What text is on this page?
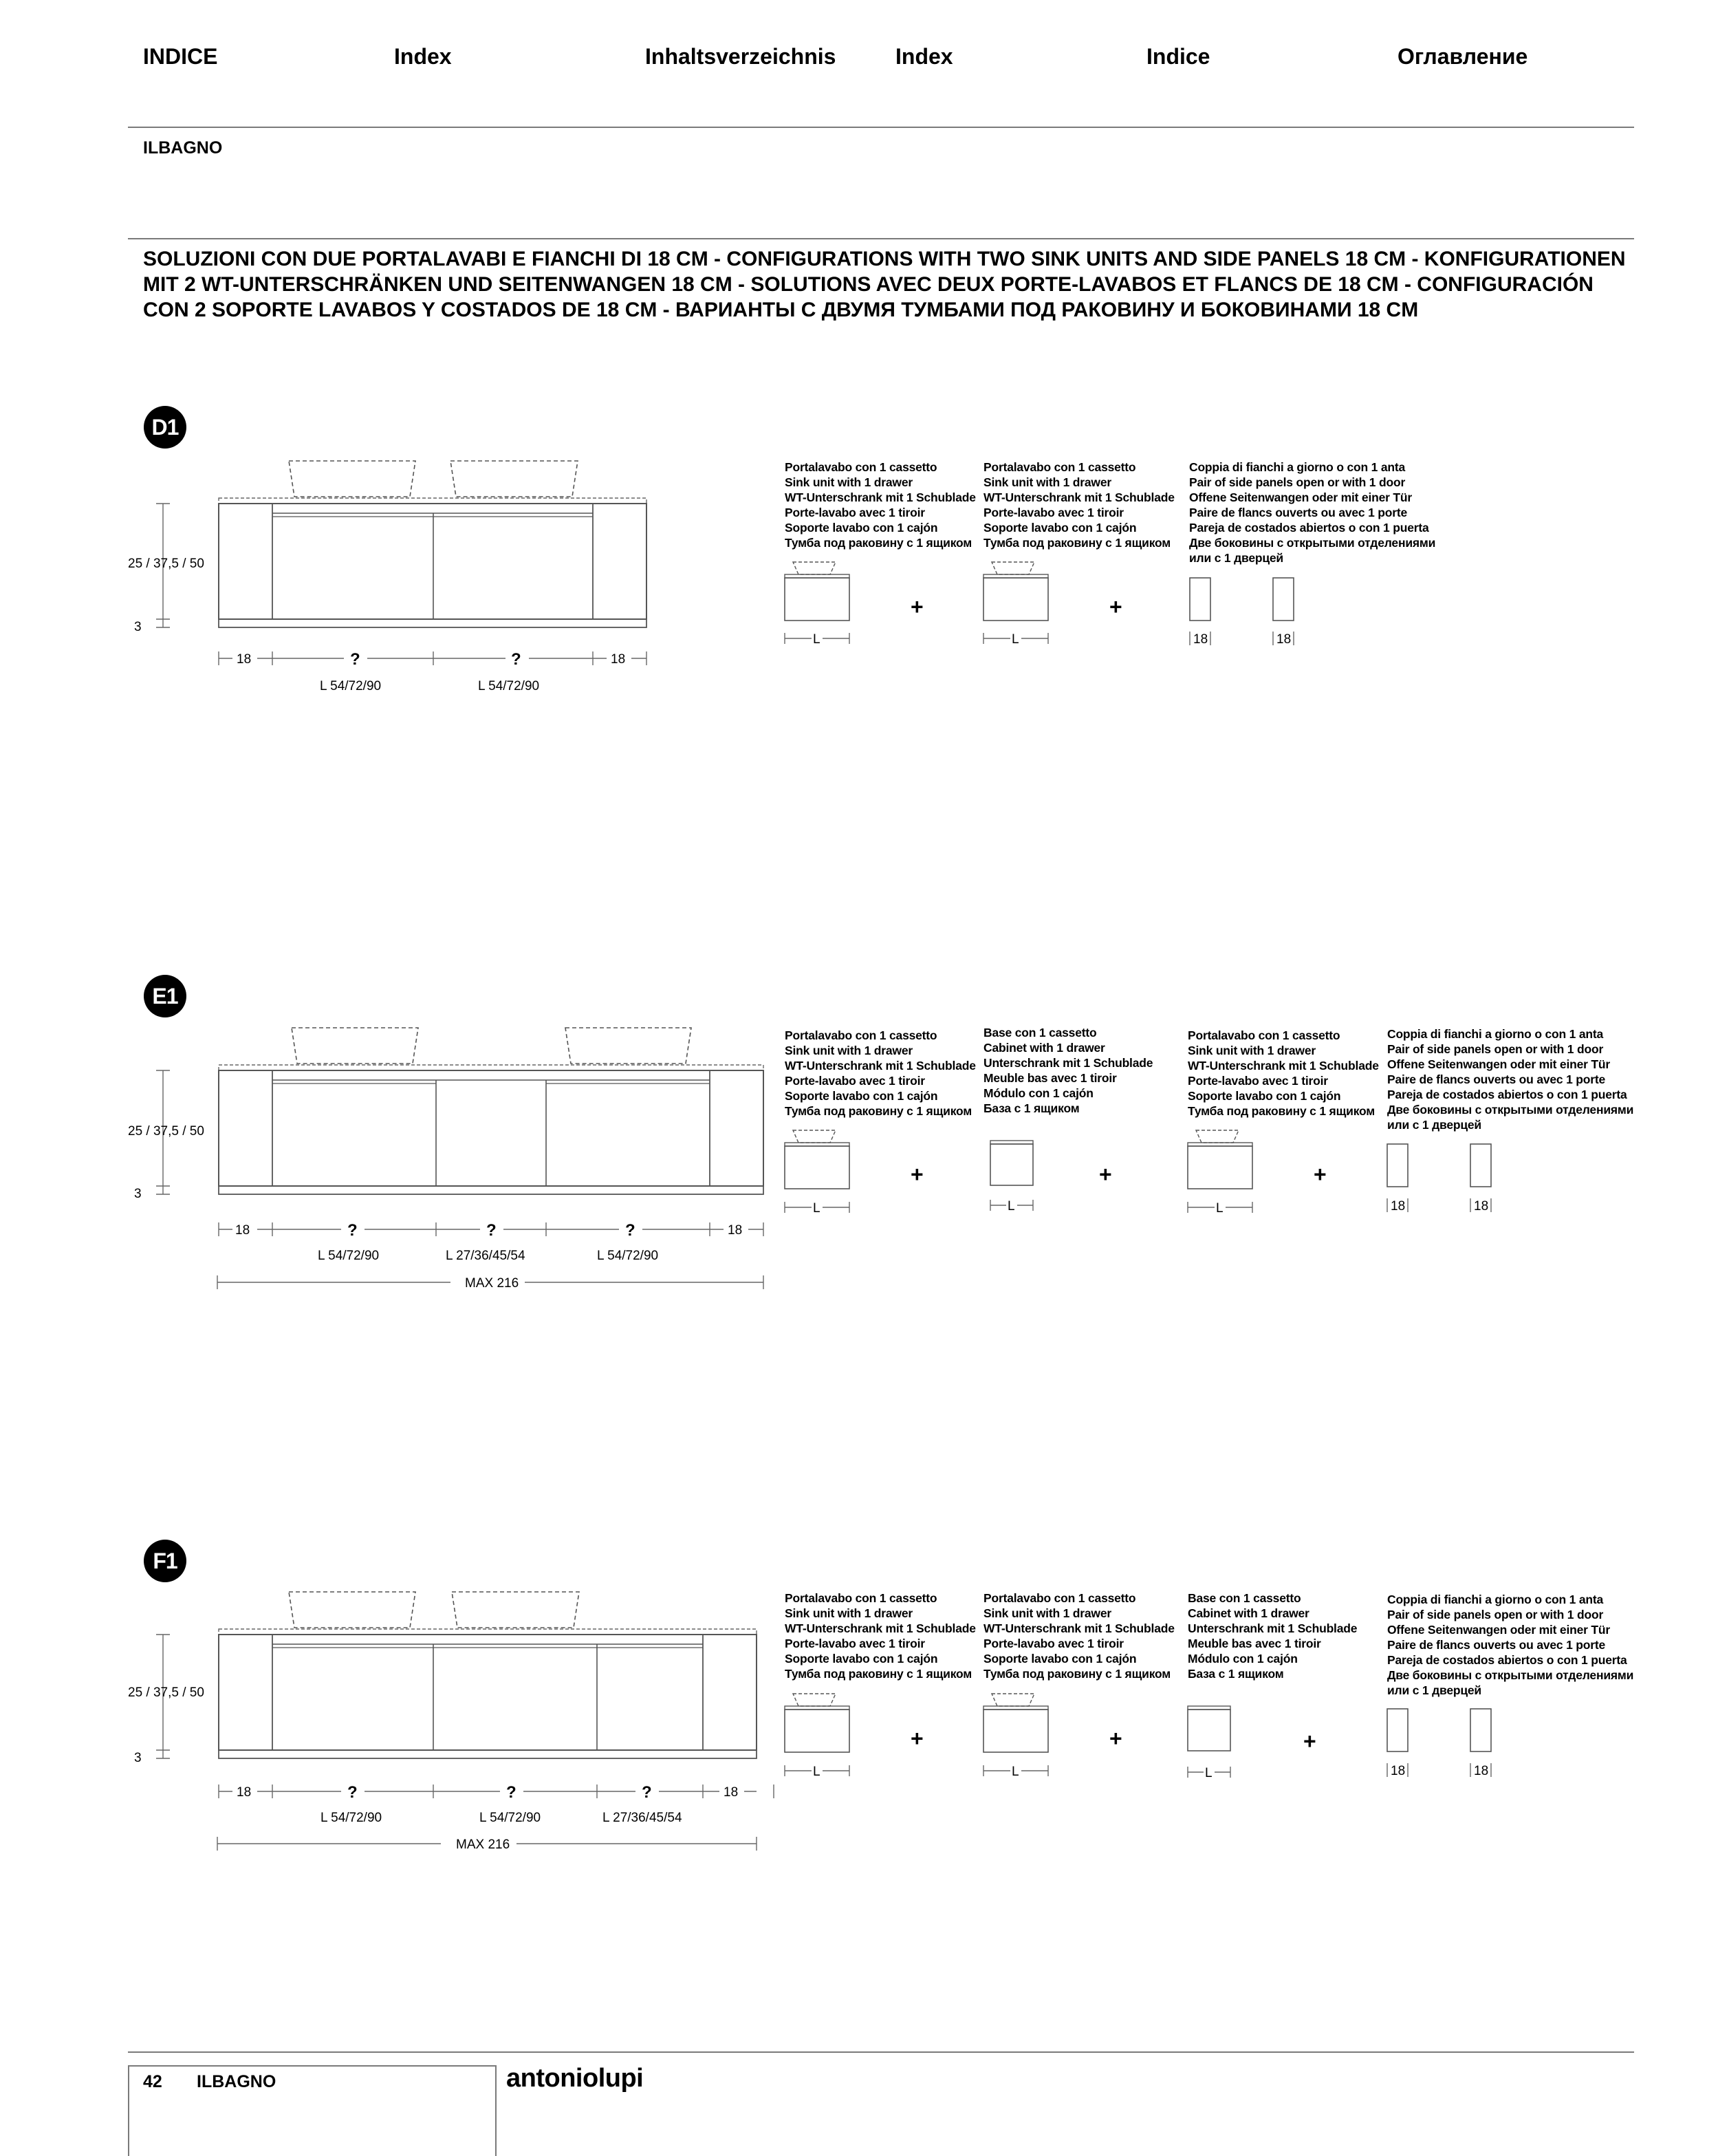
INDICE	Index	Inhaltsverzeichnis	Index	Indice	Оглавление
ILBAGNO
SOLUZIONI CON DUE PORTALAVABI E FIANCHI DI 18 CM - CONFIGURATIONS WITH TWO SINK UNITS AND SIDE PANELS 18 CM - KONFIGURATIONEN
MIT 2 WT-UNTERSCHRÄNKEN UND SEITENWANGEN 18 CM - SOLUTIONS AVEC DEUX PORTE-LAVABOS ET FLANCS DE 18 CM - CONFIGURACIÓN
CON 2 SOPORTE LAVABOS Y COSTADOS DE 18 CM - ВАРИАНТЫ С ДВУМЯ ТУМБАМИ ПОД РАКОВИНУ И БОКОВИНАМИ 18 CM
D1
E1
F1
Portalavabo con 1 cassetto
Sink unit with 1 drawer
WT-Unterschrank mit 1 Schublade
Porte-lavabo avec 1 tiroir
Soporte lavabo con 1 cajón
Тумба под раковину с 1 ящиком
Portalavabo con 1 cassetto
Sink unit with 1 drawer
WT-Unterschrank mit 1 Schublade
Porte-lavabo avec 1 tiroir
Soporte lavabo con 1 cajón
Тумба под раковину с 1 ящиком
Coppia di fianchi a giorno o con 1 anta
Pair of side panels open or with 1 door
Offene Seitenwangen oder mit einer Tür
Paire de flancs ouverts ou avec 1 porte
Pareja de costados abiertos o con 1 puerta
Две боковины с открытыми отделениями
или с 1 дверцей
Portalavabo con 1 cassetto
Sink unit with 1 drawer
WT-Unterschrank mit 1 Schublade
Porte-lavabo avec 1 tiroir
Soporte lavabo con 1 cajón
Тумба под раковину с 1 ящиком
Base con 1 cassetto
Cabinet with 1 drawer
Unterschrank mit 1 Schublade
Meuble bas avec 1 tiroir
Módulo con 1 cajón
База с 1 ящиком
Portalavabo con 1 cassetto
Sink unit with 1 drawer
WT-Unterschrank mit 1 Schublade
Porte-lavabo avec 1 tiroir
Soporte lavabo con 1 cajón
Тумба под раковину с 1 ящиком
Coppia di fianchi a giorno o con 1 anta
Pair of side panels open or with 1 door
Offene Seitenwangen oder mit einer Tür
Paire de flancs ouverts ou avec 1 porte
Pareja de costados abiertos o con 1 puerta
Две боковины с открытыми отделениями
или с 1 дверцей
Portalavabo con 1 cassetto
Sink unit with 1 drawer
WT-Unterschrank mit 1 Schublade
Porte-lavabo avec 1 tiroir
Soporte lavabo con 1 cajón
Тумба под раковину с 1 ящиком
Portalavabo con 1 cassetto
Sink unit with 1 drawer
WT-Unterschrank mit 1 Schublade
Porte-lavabo avec 1 tiroir
Soporte lavabo con 1 cajón
Тумба под раковину с 1 ящиком
Base con 1 cassetto
Cabinet with 1 drawer
Unterschrank mit 1 Schublade
Meuble bas avec 1 tiroir
Módulo con 1 cajón
База с 1 ящиком
Coppia di fianchi a giorno o con 1 anta
Pair of side panels open or with 1 door
Offene Seitenwangen oder mit einer Tür
Paire de flancs ouverts ou avec 1 porte
Pareja de costados abiertos o con 1 puerta
Две боковины с открытыми отделениями
или с 1 дверцей
25 / 37,5 / 50
3
18	?	?	18
L 54/72/90	L 54/72/90
+	+
L	L	18	18
25 / 37,5 / 50
3
18	?	?	?	18
L 54/72/90	L 27/36/45/54	L 54/72/90
MAX 216
+	+	+
L	L	L	18	18
25 / 37,5 / 50
3
18	?	?	?	18
L 54/72/90	L 54/72/90	L 27/36/45/54
MAX 216
+	+	+
L	L	L	18	18
42 ILBAGNO	antoniolupi
